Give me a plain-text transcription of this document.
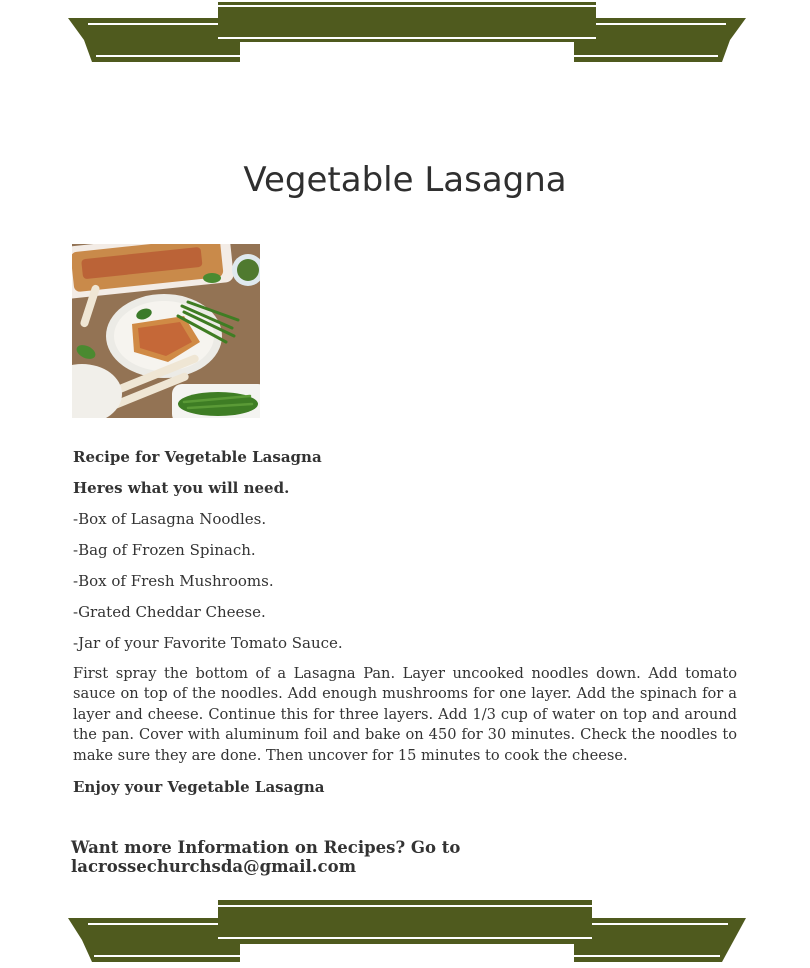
Vegetable Lasagna

Recipe for Vegetable Lasagna

Heres what you will need.

-Box of Lasagna Noodles.

-Bag of Frozen Spinach.

-Box of Fresh Mushrooms.

-Grated Cheddar Cheese.

-Jar of your Favorite Tomato Sauce.

First spray the bottom of a Lasagna Pan. Layer uncooked noodles down. Add tomato sauce on top of the noodles. Add enough mushrooms for one layer. Add the spinach for a layer and cheese. Continue this for three layers. Add 1/3 cup of water on top and around the pan. Cover with aluminum foil and bake on 450 for 30 minutes. Check the noodles to make sure they are done. Then uncover for 15 minutes to cook the cheese.

Enjoy your Vegetable Lasagna

Want more Information on Recipes? Go to lacrossechurchsda@gmail.com
